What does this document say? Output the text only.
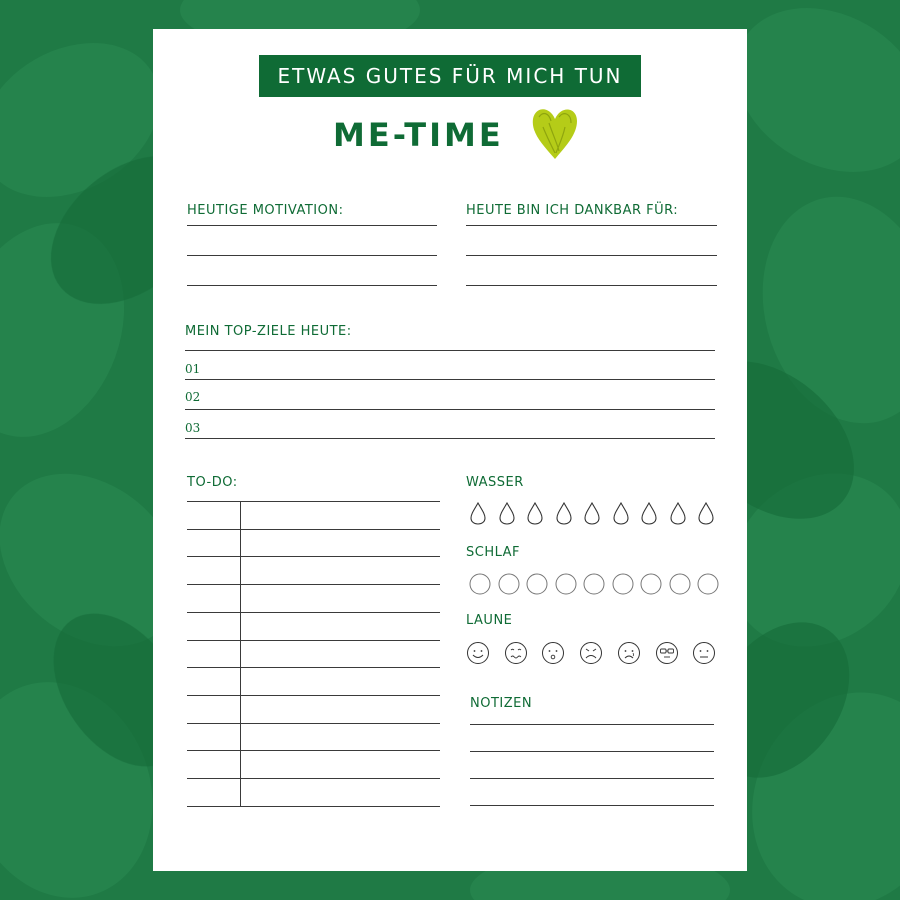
ETWAS GUTES FÜR MICH TUN
ME-TIME
HEUTIGE MOTIVATION:	HEUTE BIN ICH DANKBAR FÜR:
MEIN TOP-ZIELE HEUTE:
01
02
03
TO-DO:	WASSER
SCHLAF
LAUNE
NOTIZEN
